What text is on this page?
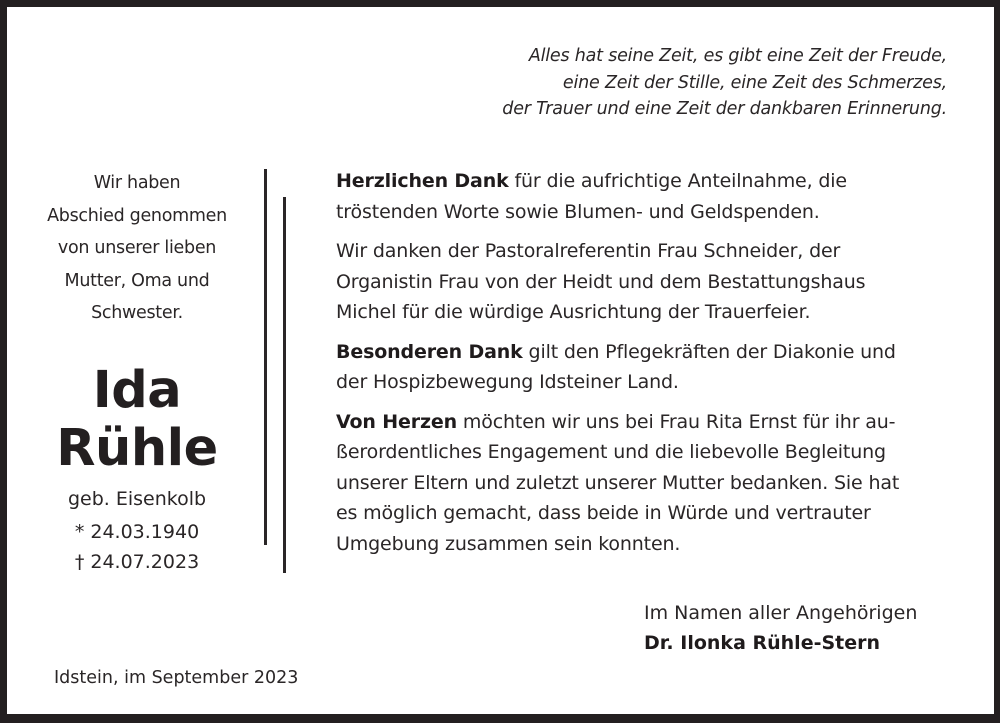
Alles hat seine Zeit, es gibt eine Zeit der Freude,
eine Zeit der Stille, eine Zeit des Schmerzes,
der Trauer und eine Zeit der dankbaren Erinnerung.
Wir haben
Abschied genommen
von unserer lieben
Mutter, Oma und
Schwester.
Ida
Rühle
geb. Eisenkolb
* 24.03.1940
† 24.07.2023
Herzlichen Dank für die aufrichtige Anteilnahme, die
tröstenden Worte sowie Blumen- und Geldspenden.
Wir danken der Pastoralreferentin Frau Schneider, der
Organistin Frau von der Heidt und dem Bestattungshaus
Michel für die würdige Ausrichtung der Trauerfeier.
Besonderen Dank gilt den Pflegekräften der Diakonie und
der Hospizbewegung Idsteiner Land.
Von Herzen möchten wir uns bei Frau Rita Ernst für ihr au-
ßerordentliches Engagement und die liebevolle Begleitung
unserer Eltern und zuletzt unserer Mutter bedanken. Sie hat
es möglich gemacht, dass beide in Würde und vertrauter
Umgebung zusammen sein konnten.
Im Namen aller Angehörigen
Dr. Ilonka Rühle-Stern
Idstein, im September 2023
